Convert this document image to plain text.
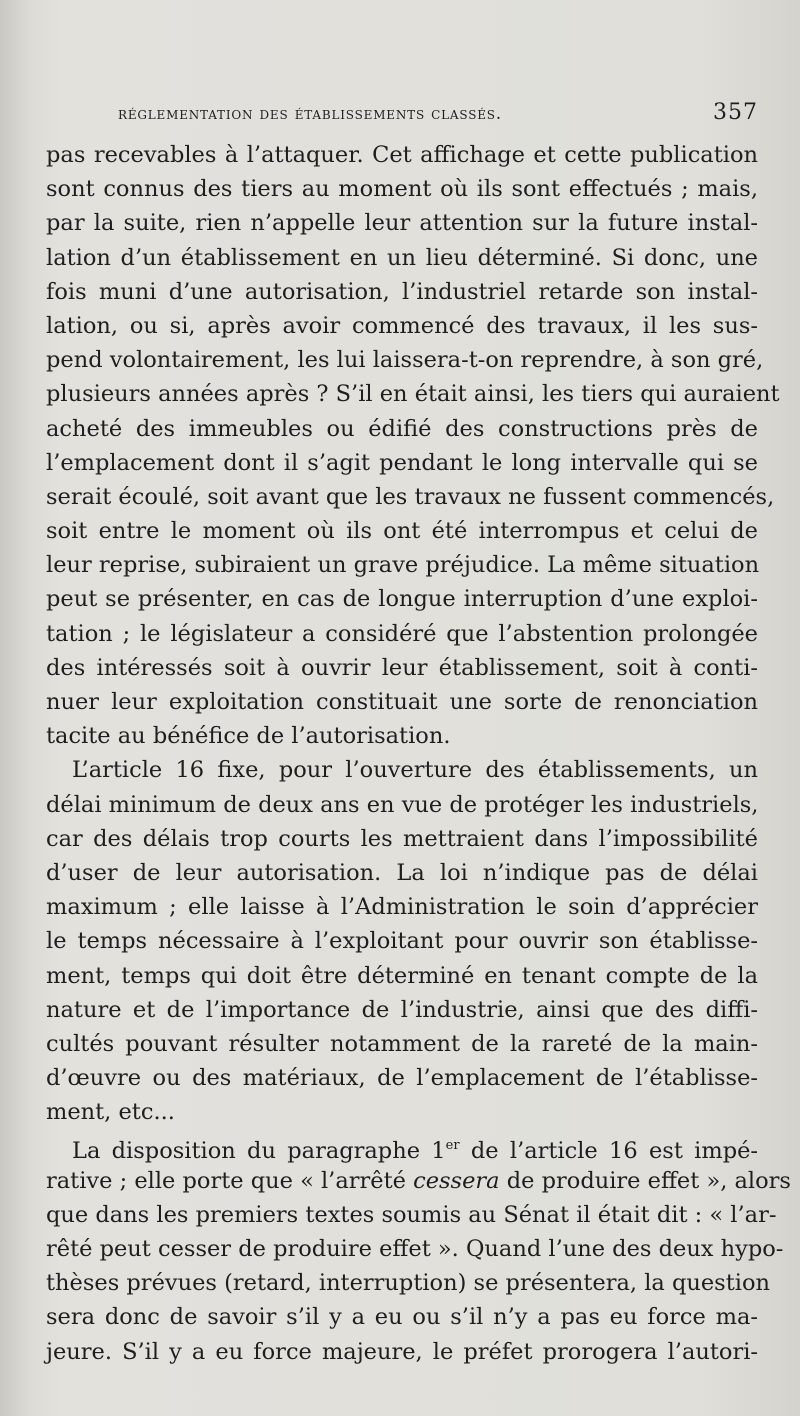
réglementation des établissements classés.	357
pas recevables à l’attaquer. Cet affichage et cette publication
sont connus des tiers au moment où ils sont effectués ; mais,
par la suite, rien n’appelle leur attention sur la future instal-
lation d’un établissement en un lieu déterminé. Si donc, une
fois muni d’une autorisation, l’industriel retarde son instal-
lation, ou si, après avoir commencé des travaux, il les sus-
pend volontairement, les lui laissera-t-on reprendre, à son gré,
plusieurs années après ? S’il en était ainsi, les tiers qui auraient
acheté des immeubles ou édifié des constructions près de
l’emplacement dont il s’agit pendant le long intervalle qui se
serait écoulé, soit avant que les travaux ne fussent commencés,
soit entre le moment où ils ont été interrompus et celui de
leur reprise, subiraient un grave préjudice. La même situation
peut se présenter, en cas de longue interruption d’une exploi-
tation ; le législateur a considéré que l’abstention prolongée
des intéressés soit à ouvrir leur établissement, soit à conti-
nuer leur exploitation constituait une sorte de renonciation
tacite au bénéfice de l’autorisation.
L’article 16 fixe, pour l’ouverture des établissements, un
délai minimum de deux ans en vue de protéger les industriels,
car des délais trop courts les mettraient dans l’impossibilité
d’user de leur autorisation. La loi n’indique pas de délai
maximum ; elle laisse à l’Administration le soin d’apprécier
le temps nécessaire à l’exploitant pour ouvrir son établisse-
ment, temps qui doit être déterminé en tenant compte de la
nature et de l’importance de l’industrie, ainsi que des diffi-
cultés pouvant résulter notamment de la rareté de la main-
d’œuvre ou des matériaux, de l’emplacement de l’établisse-
ment, etc...
La disposition du paragraphe 1er de l’article 16 est impé-
rative ; elle porte que « l’arrêté cessera de produire effet », alors
que dans les premiers textes soumis au Sénat il était dit : « l’ar-
rêté peut cesser de produire effet ». Quand l’une des deux hypo-
thèses prévues (retard, interruption) se présentera, la question
sera donc de savoir s’il y a eu ou s’il n’y a pas eu force ma-
jeure. S’il y a eu force majeure, le préfet prorogera l’autori-
